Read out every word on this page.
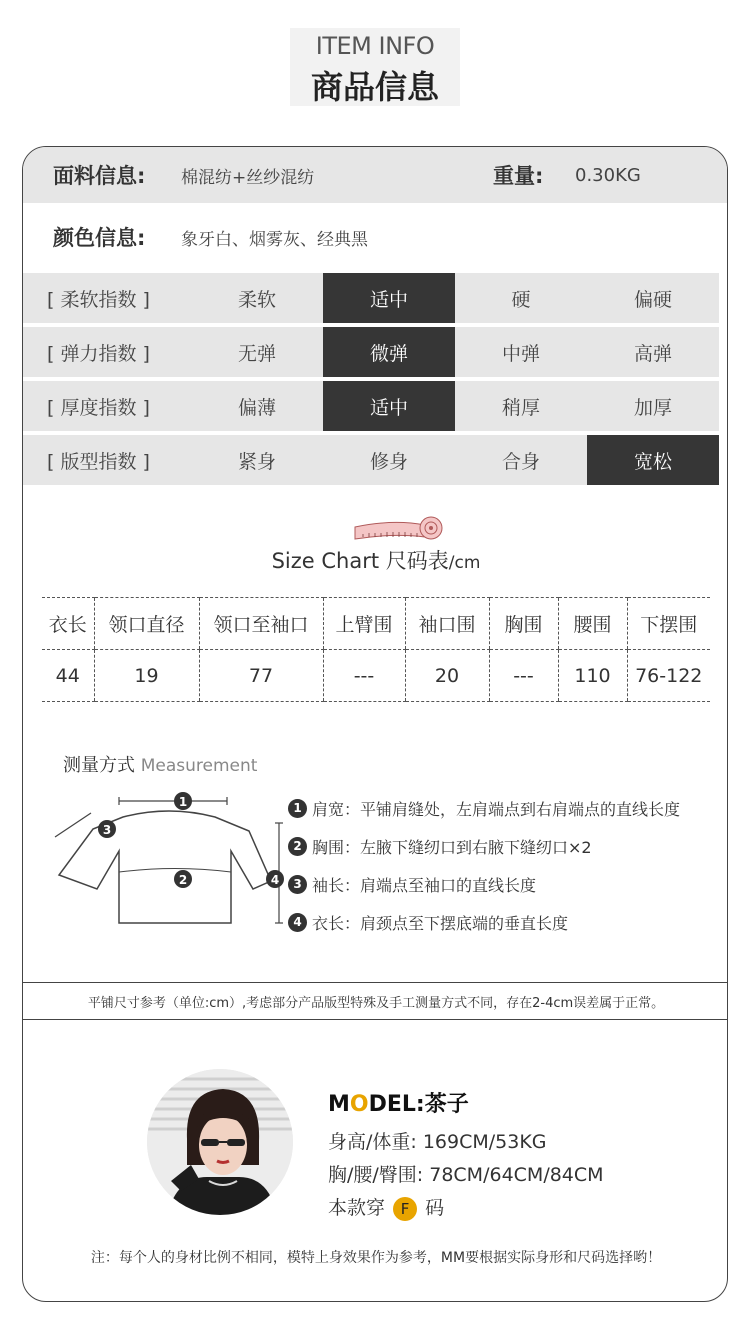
ITEM INFO
商品信息
面料信息: 棉混纺+丝纱混纺	重量: 0.30KG
颜色信息: 象牙白、烟雾灰、经典黑
[ 柔软指数 ]	柔软	适中	硬	偏硬
[ 弹力指数 ]	无弹	微弹	中弹	高弹
[ 厚度指数 ]	偏薄	适中	稍厚	加厚
[ 版型指数 ]	紧身	修身	合身	宽松
Size Chart 尺码表/cm
衣长	领口直径	领口至袖口	上臂围	袖口围	胸围	腰围	下摆围
44	19	77	---	20	---	110	76-122
测量方式 Measurement
1
2
3
4
1 肩宽：平铺肩缝处，左肩端点到右肩端点的直线长度
2 胸围：左腋下缝纫口到右腋下缝纫口×2
3 袖长：肩端点至袖口的直线长度
4 衣长：肩颈点至下摆底端的垂直长度
平铺尺寸参考（单位:cm）,考虑部分产品版型特殊及手工测量方式不同，存在2-4cm误差属于正常。
MODEL:茶子
身高/体重: 169CM/53KG
胸/腰/臀围: 78CM/64CM/84CM
本款穿 F 码
注：每个人的身材比例不相同，模特上身效果作为参考，MM要根据实际身形和尺码选择哟！
